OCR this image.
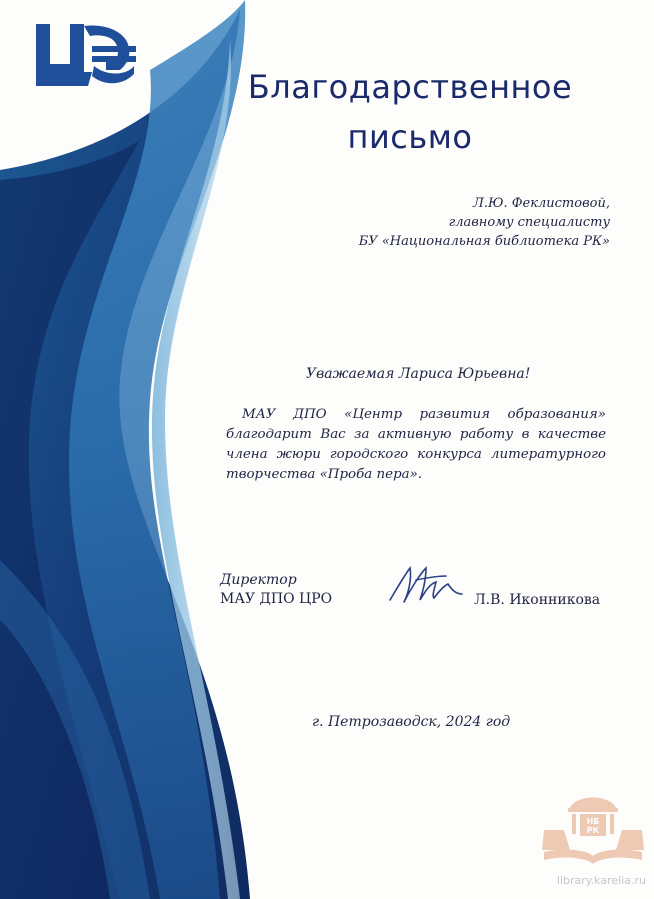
Благодарственное
письмо
Л.Ю. Феклистовой,
главному специалисту
БУ «Национальная библиотека РК»
Уважаемая Лариса Юрьевна!
МАУ ДПО «Центр развития образования» благодарит Вас за активную работу в качестве члена жюри городского конкурса литературного творчества «Проба пера».
Директор
МАУ ДПО ЦРО	Л.В. Иконникова
г. Петрозаводск, 2024 год
НБ
РК
library.karelia.ru
